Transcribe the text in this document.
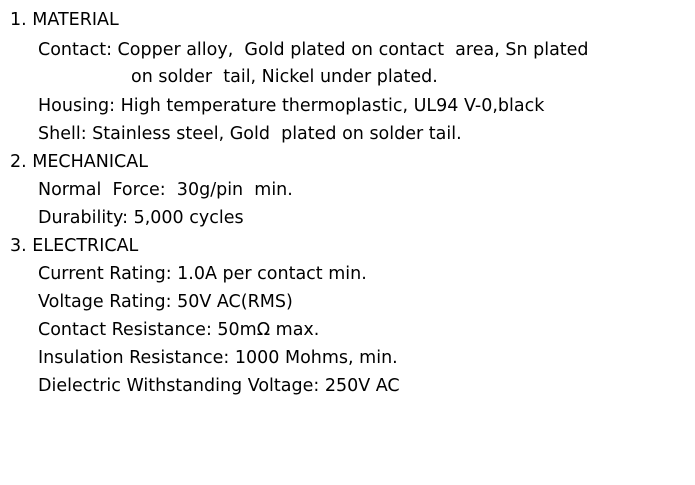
1. MATERIAL

Contact: Copper alloy,  Gold plated on contact  area, Sn plated

on solder  tail, Nickel under plated.

Housing: High temperature thermoplastic, UL94 V-0,black

Shell: Stainless steel, Gold  plated on solder tail.

2. MECHANICAL

Normal  Force:  30g/pin  min.

Durability: 5,000 cycles

3. ELECTRICAL

Current Rating: 1.0A per contact min.

Voltage Rating: 50V AC(RMS)

Contact Resistance: 50mΩ max.

Insulation Resistance: 1000 Mohms, min.

Dielectric Withstanding Voltage: 250V AC
